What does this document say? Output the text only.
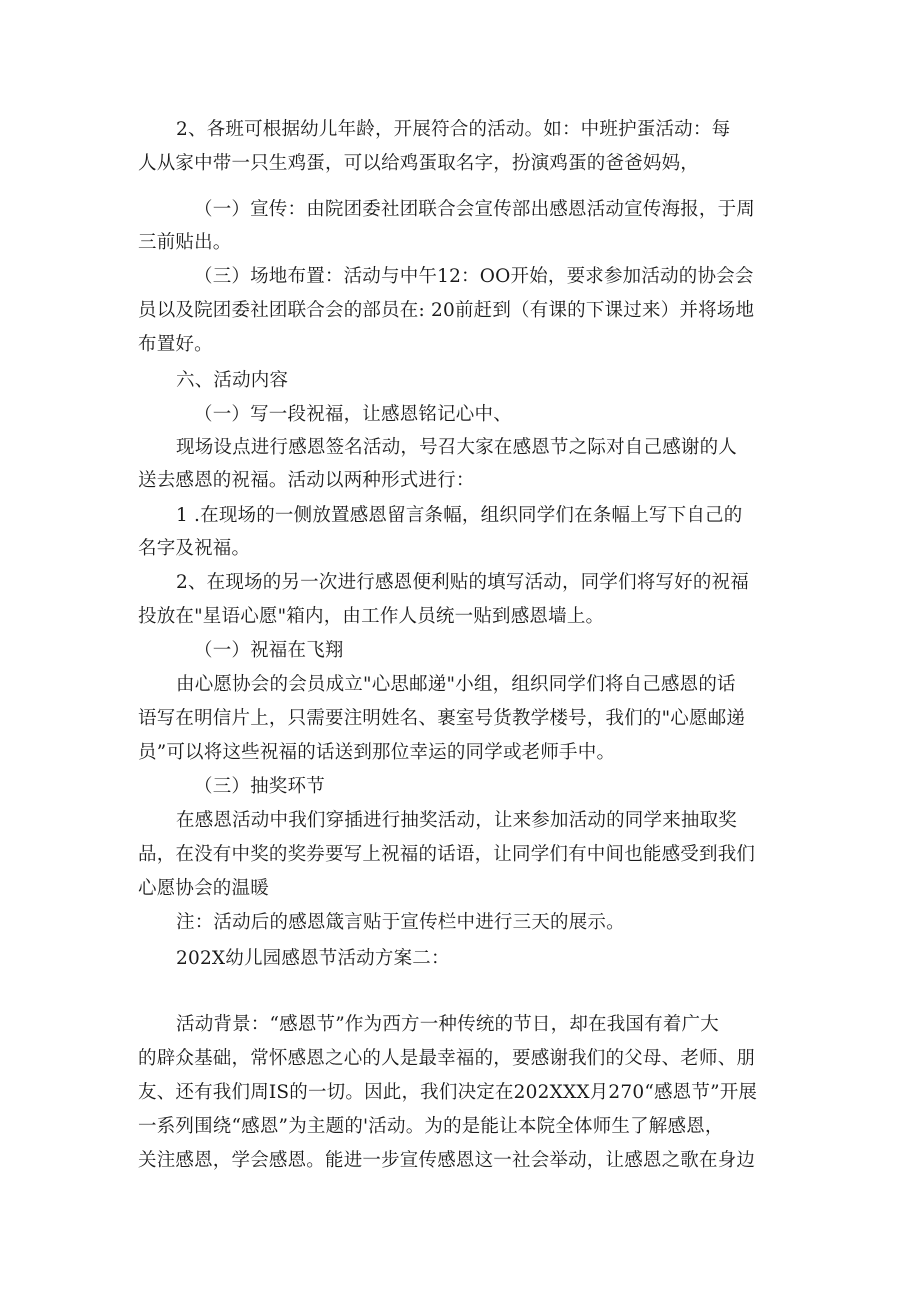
2、各班可根据幼儿年龄，开展符合的活动。如：中班护蛋活动：每

人从家中带一只生鸡蛋，可以给鸡蛋取名字，扮演鸡蛋的爸爸妈妈，

（一）宣传：由院团委社团联合会宣传部出感恩活动宣传海报，于周

三前贴出。

（三）场地布置：活动与中午12：OO开始，要求参加活动的协会会

员以及院团委社团联合会的部员在: 20前赶到（有课的下课过来）并将场地

布置好。

六、活动内容

（一）写一段祝福，让感恩铭记心中、

现场设点进行感恩签名活动，号召大家在感恩节之际对自己感谢的人

送去感恩的祝福。活动以两种形式进行：

1 .在现场的一侧放置感恩留言条幅，组织同学们在条幅上写下自己的

名字及祝福。

2、在现场的另一次进行感恩便利贴的填写活动，同学们将写好的祝福

投放在"星语心愿"箱内，由工作人员统一贴到感恩墙上。

（一）祝福在飞翔

由心愿协会的会员成立"心思邮递"小组，组织同学们将自己感恩的话

语写在明信片上，只需要注明姓名、裹室号货教学楼号，我们的"心愿邮递

员”可以将这些祝福的话送到那位幸运的同学或老师手中。

（三）抽奖环节

在感恩活动中我们穿插进行抽奖活动，让来参加活动的同学来抽取奖

品，在没有中奖的奖券要写上祝福的话语，让同学们有中间也能感受到我们

心愿协会的温暖

注：活动后的感恩箴言贴于宣传栏中进行三天的展示。

202X幼儿园感恩节活动方案二：

活动背景：“感恩节”作为西方一种传统的节日，却在我国有着广大

的辟众基础，常怀感恩之心的人是最幸福的，要感谢我们的父母、老师、朋

友、还有我们周IS的一切。因此，我们决定在202XXX月270“感恩节”开展

一系列围绕“感恩”为主题的'活动。为的是能让本院全体师生了解感恩，

关注感恩，学会感恩。能进一步宣传感恩这一社会举动，让感恩之歌在身边
